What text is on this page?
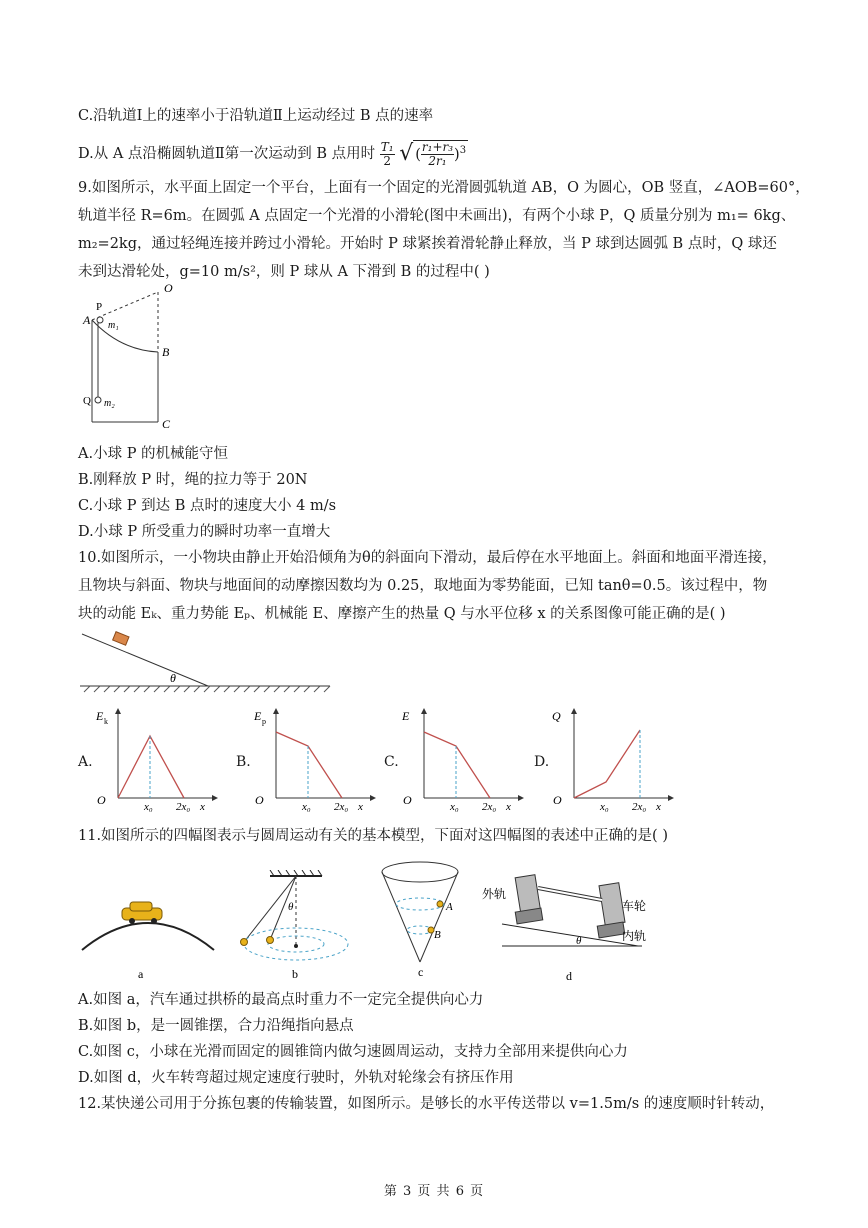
C.沿轨道Ⅰ上的速率小于沿轨道Ⅱ上运动经过 B 点的速率
D.从 A 点沿椭圆轨道Ⅱ第一次运动到 B 点用时 $\frac{\text{T₁}}{2}$ √ ( $\frac{\text{r₁+r₃}}{\text{2r₁}} )^3$
9.如图所示，水平面上固定一个平台，上面有一个固定的光滑圆弧轨道 AB，O 为圆心，OB 竖直，∠AOB=60°，
轨道半径 R=6m。在圆弧 A 点固定一个光滑的小滑轮(图中未画出)，有两个小球 P，Q 质量分别为 m₁= 6kg、
m₂=2kg，通过轻绳连接并跨过小滑轮。开始时 P 球紧挨着滑轮静止释放，当 P 球到达圆弧 B 点时，Q 球还
未到达滑轮处，g=10 m/s²，则 P 球从 A 下滑到 B 的过程中( )
P
O
A m₁
B
Q m₂
C
A.小球 P 的机械能守恒
B.刚释放 P 时，绳的拉力等于 20N
C.小球 P 到达 B 点时的速度大小 4 m/s
D.小球 P 所受重力的瞬时功率一直增大
10.如图所示，一小物块由静止开始沿倾角为θ的斜面向下滑动，最后停在水平地面上。斜面和地面平滑连接，
且物块与斜面、物块与地面间的动摩擦因数均为 0.25，取地面为零势能面，已知 tanθ=0.5。该过程中，物
块的动能 Eₖ、重力势能 Eₚ、机械能 E、摩擦产生的热量 Q 与水平位移 x 的关系图像可能正确的是( )
θ
A.
E k
O	x₀ 2x₀ x
B.
E p
O	x₀ 2x₀ x
C.
E
O	x₀ 2x₀ x
D.
Q
O	x₀ 2x₀ x
11.如图所示的四幅图表示与圆周运动有关的基本模型，下面对这四幅图的表述中正确的是( )
a
θ
b
A
B
c
外轨
车轮
内轨
θ
d
A.如图 a，汽车通过拱桥的最高点时重力不一定完全提供向心力
B.如图 b，是一圆锥摆，合力沿绳指向悬点
C.如图 c，小球在光滑而固定的圆锥筒内做匀速圆周运动，支持力全部用来提供向心力
D.如图 d，火车转弯超过规定速度行驶时，外轨对轮缘会有挤压作用
12.某快递公司用于分拣包裹的传输装置，如图所示。是够长的水平传送带以 v=1.5m/s 的速度顺时针转动，
第 3 页 共 6 页
